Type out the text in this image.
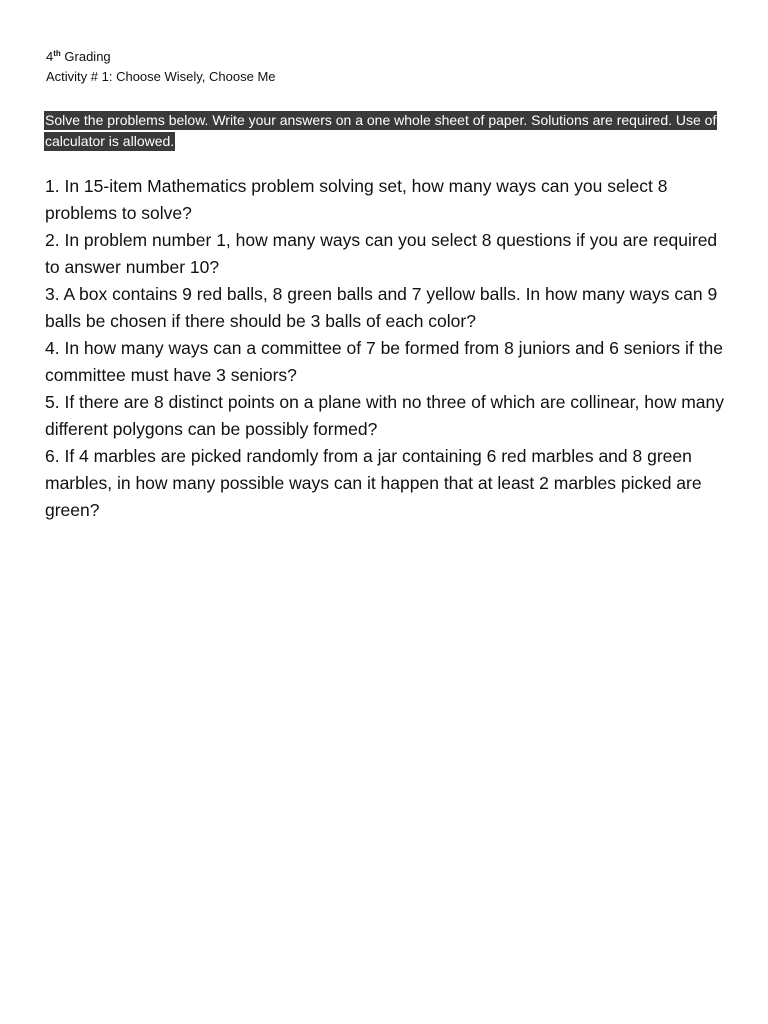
4th Grading
Activity # 1: Choose Wisely, Choose Me
Solve the problems below. Write your answers on a one whole sheet of paper. Solutions are required. Use of calculator is allowed.
1. In 15-item Mathematics problem solving set, how many ways can you select 8 problems to solve?
2. In problem number 1, how many ways can you select 8 questions if you are required to answer number 10?
3. A box contains 9 red balls, 8 green balls and 7 yellow balls. In how many ways can 9 balls be chosen if there should be 3 balls of each color?
4. In how many ways can a committee of 7 be formed from 8 juniors and 6 seniors if the committee must have 3 seniors?
5. If there are 8 distinct points on a plane with no three of which are collinear, how many different polygons can be possibly formed?
6. If 4 marbles are picked randomly from a jar containing 6 red marbles and 8 green marbles, in how many possible ways can it happen that at least 2 marbles picked are green?
